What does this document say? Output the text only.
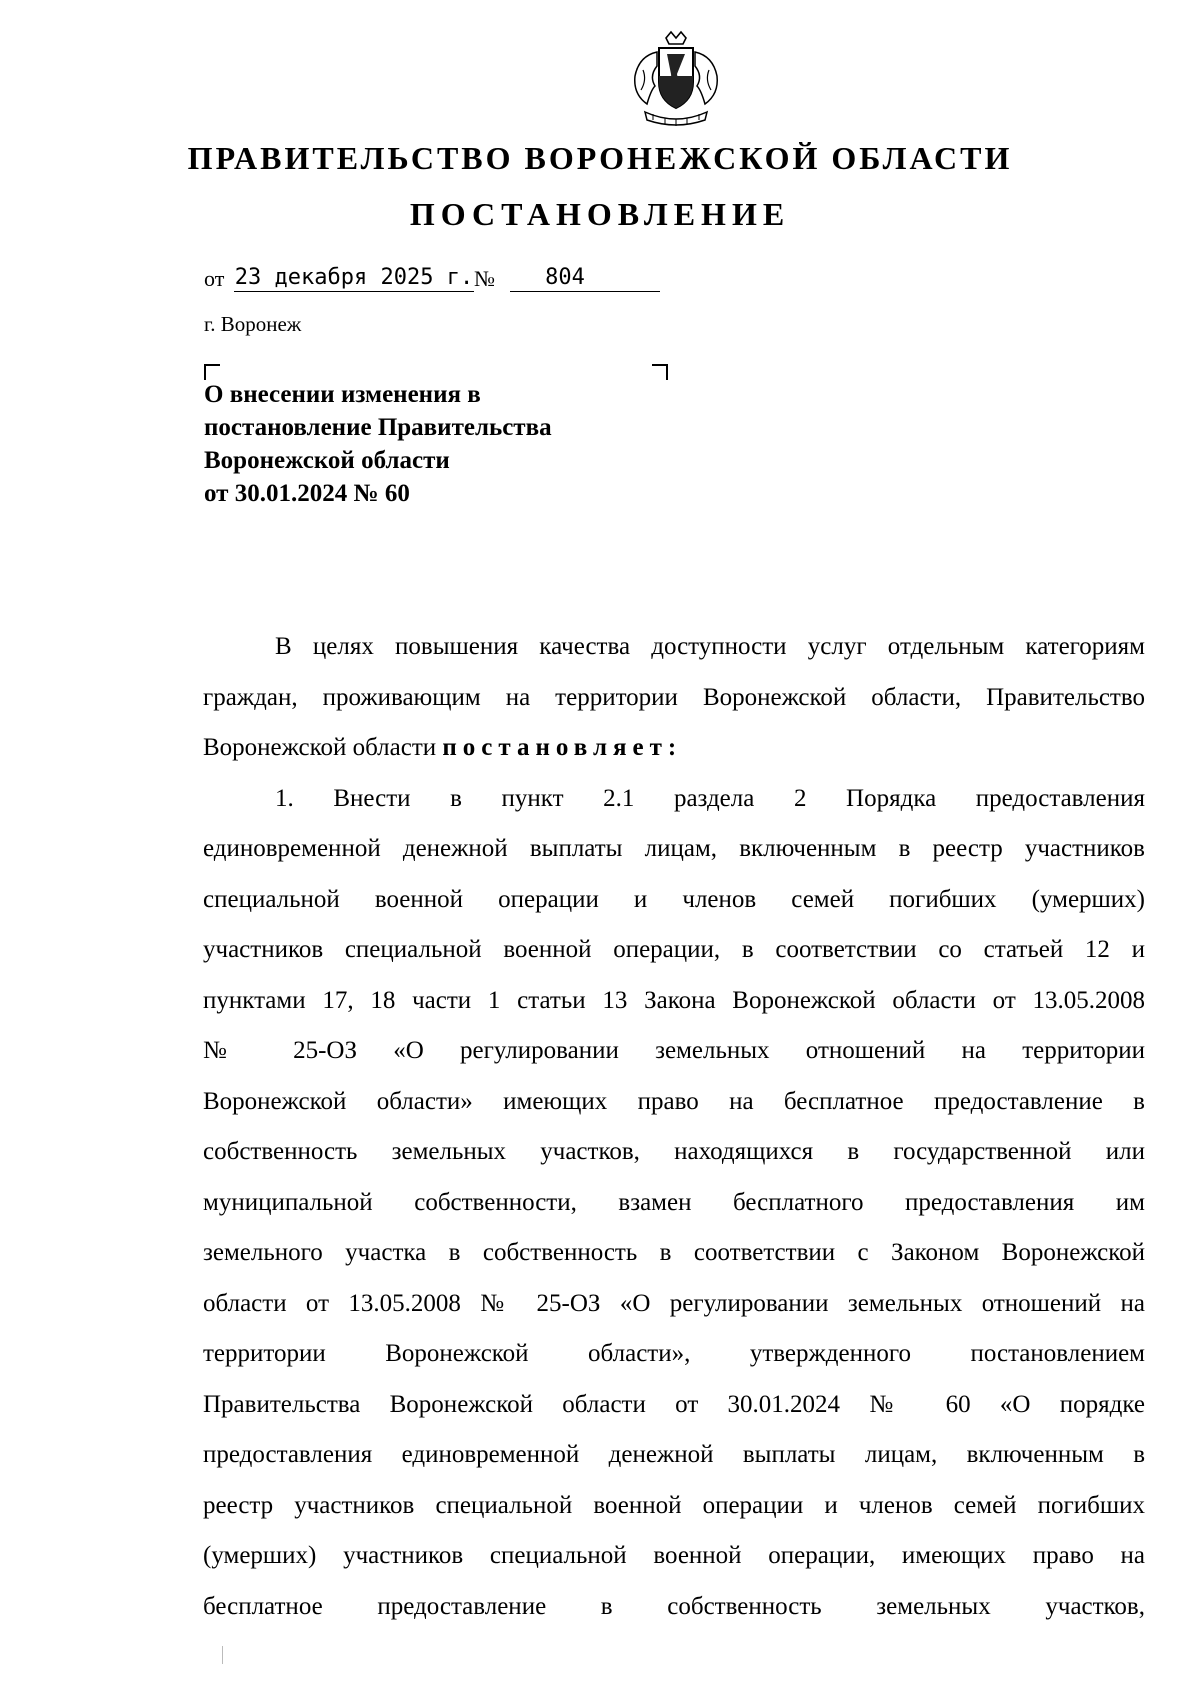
ПРАВИТЕЛЬСТВО ВОРОНЕЖСКОЙ ОБЛАСТИ
ПОСТАНОВЛЕНИЕ
от 23 декабря 2025 г. №	804
г. Воронеж
О внесении изменения в
постановление Правительства
Воронежской области
от 30.01.2024 № 60
В целях повышения качества доступности услуг отдельным категориям
граждан, проживающим на территории Воронежской области, Правительство
Воронежской области постановляет:
1. Внести в пункт 2.1 раздела 2 Порядка предоставления
единовременной денежной выплаты лицам, включенным в реестр участников
специальной военной операции и членов семей погибших (умерших)
участников специальной военной операции, в соответствии со статьей 12 и
пунктами 17, 18 части 1 статьи 13 Закона Воронежской области от 13.05.2008
№ 25-ОЗ «О регулировании земельных отношений на территории
Воронежской области» имеющих право на бесплатное предоставление в
собственность земельных участков, находящихся в государственной или
муниципальной собственности, взамен бесплатного предоставления им
земельного участка в собственность в соответствии с Законом Воронежской
области от 13.05.2008 № 25-ОЗ «О регулировании земельных отношений на
территории Воронежской области», утвержденного постановлением
Правительства Воронежской области от 30.01.2024 № 60 «О порядке
предоставления единовременной денежной выплаты лицам, включенным в
реестр участников специальной военной операции и членов семей погибших
(умерших) участников специальной военной операции, имеющих право на
бесплатное предоставление в собственность земельных участков,
